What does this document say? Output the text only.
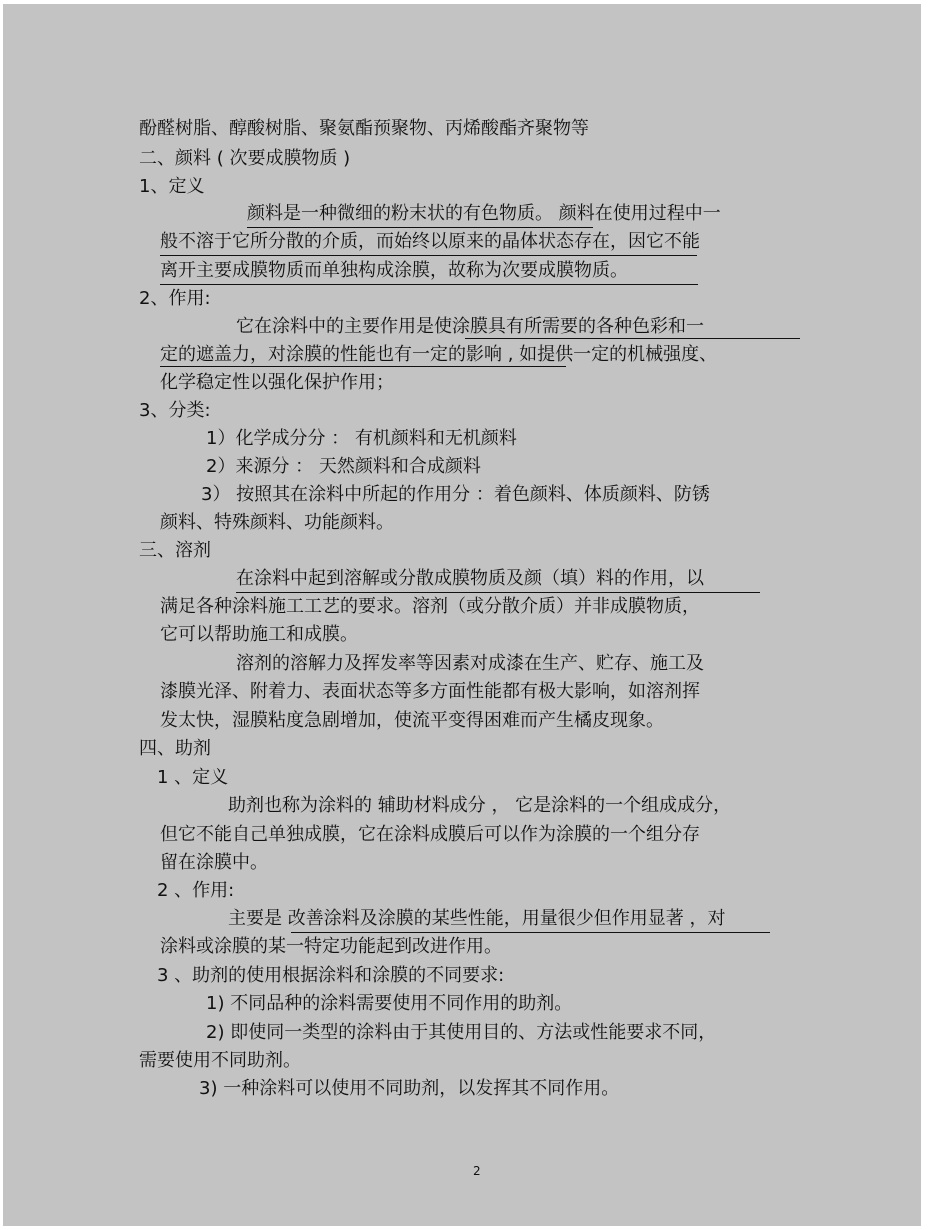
酚醛树脂、醇酸树脂、聚氨酯预聚物、丙烯酸酯齐聚物等
二、颜料 ( 次要成膜物质 )
1、定义
颜料是一种微细的粉末状的有色物质。 颜料在使用过程中一
般不溶于它所分散的介质，而始终以原来的晶体状态存在，因它不能
离开主要成膜物质而单独构成涂膜，故称为次要成膜物质。
2、作用:
它在涂料中的主要作用是使涂膜具有所需要的各种色彩和一
定的遮盖力，对涂膜的性能也有一定的影响 , 如提供一定的机械强度、
化学稳定性以强化保护作用；
3、分类:
1）化学成分分 ： 有机颜料和无机颜料
2）来源分 ： 天然颜料和合成颜料
3） 按照其在涂料中所起的作用分 ：着色颜料、体质颜料、防锈
颜料、特殊颜料、功能颜料。
三、溶剂
在涂料中起到溶解或分散成膜物质及颜（填）料的作用，以
满足各种涂料施工工艺的要求。溶剂（或分散介质）并非成膜物质，
它可以帮助施工和成膜。
溶剂的溶解力及挥发率等因素对成漆在生产、贮存、施工及
漆膜光泽、附着力、表面状态等多方面性能都有极大影响，如溶剂挥
发太快，湿膜粘度急剧增加，使流平变得困难而产生橘皮现象。
四、助剂
1 、定义
助剂也称为涂料的 辅助材料成分 ， 它是涂料的一个组成成分，
但它不能自己单独成膜，它在涂料成膜后可以作为涂膜的一个组分存
留在涂膜中。
2 、作用:
主要是 改善涂料及涂膜的某些性能，用量很少但作用显著 ，对
涂料或涂膜的某一特定功能起到改进作用。
3 、助剂的使用根据涂料和涂膜的不同要求:
1) 不同品种的涂料需要使用不同作用的助剂。
2) 即使同一类型的涂料由于其使用目的、方法或性能要求不同，
需要使用不同助剂。
3) 一种涂料可以使用不同助剂，以发挥其不同作用。
2
